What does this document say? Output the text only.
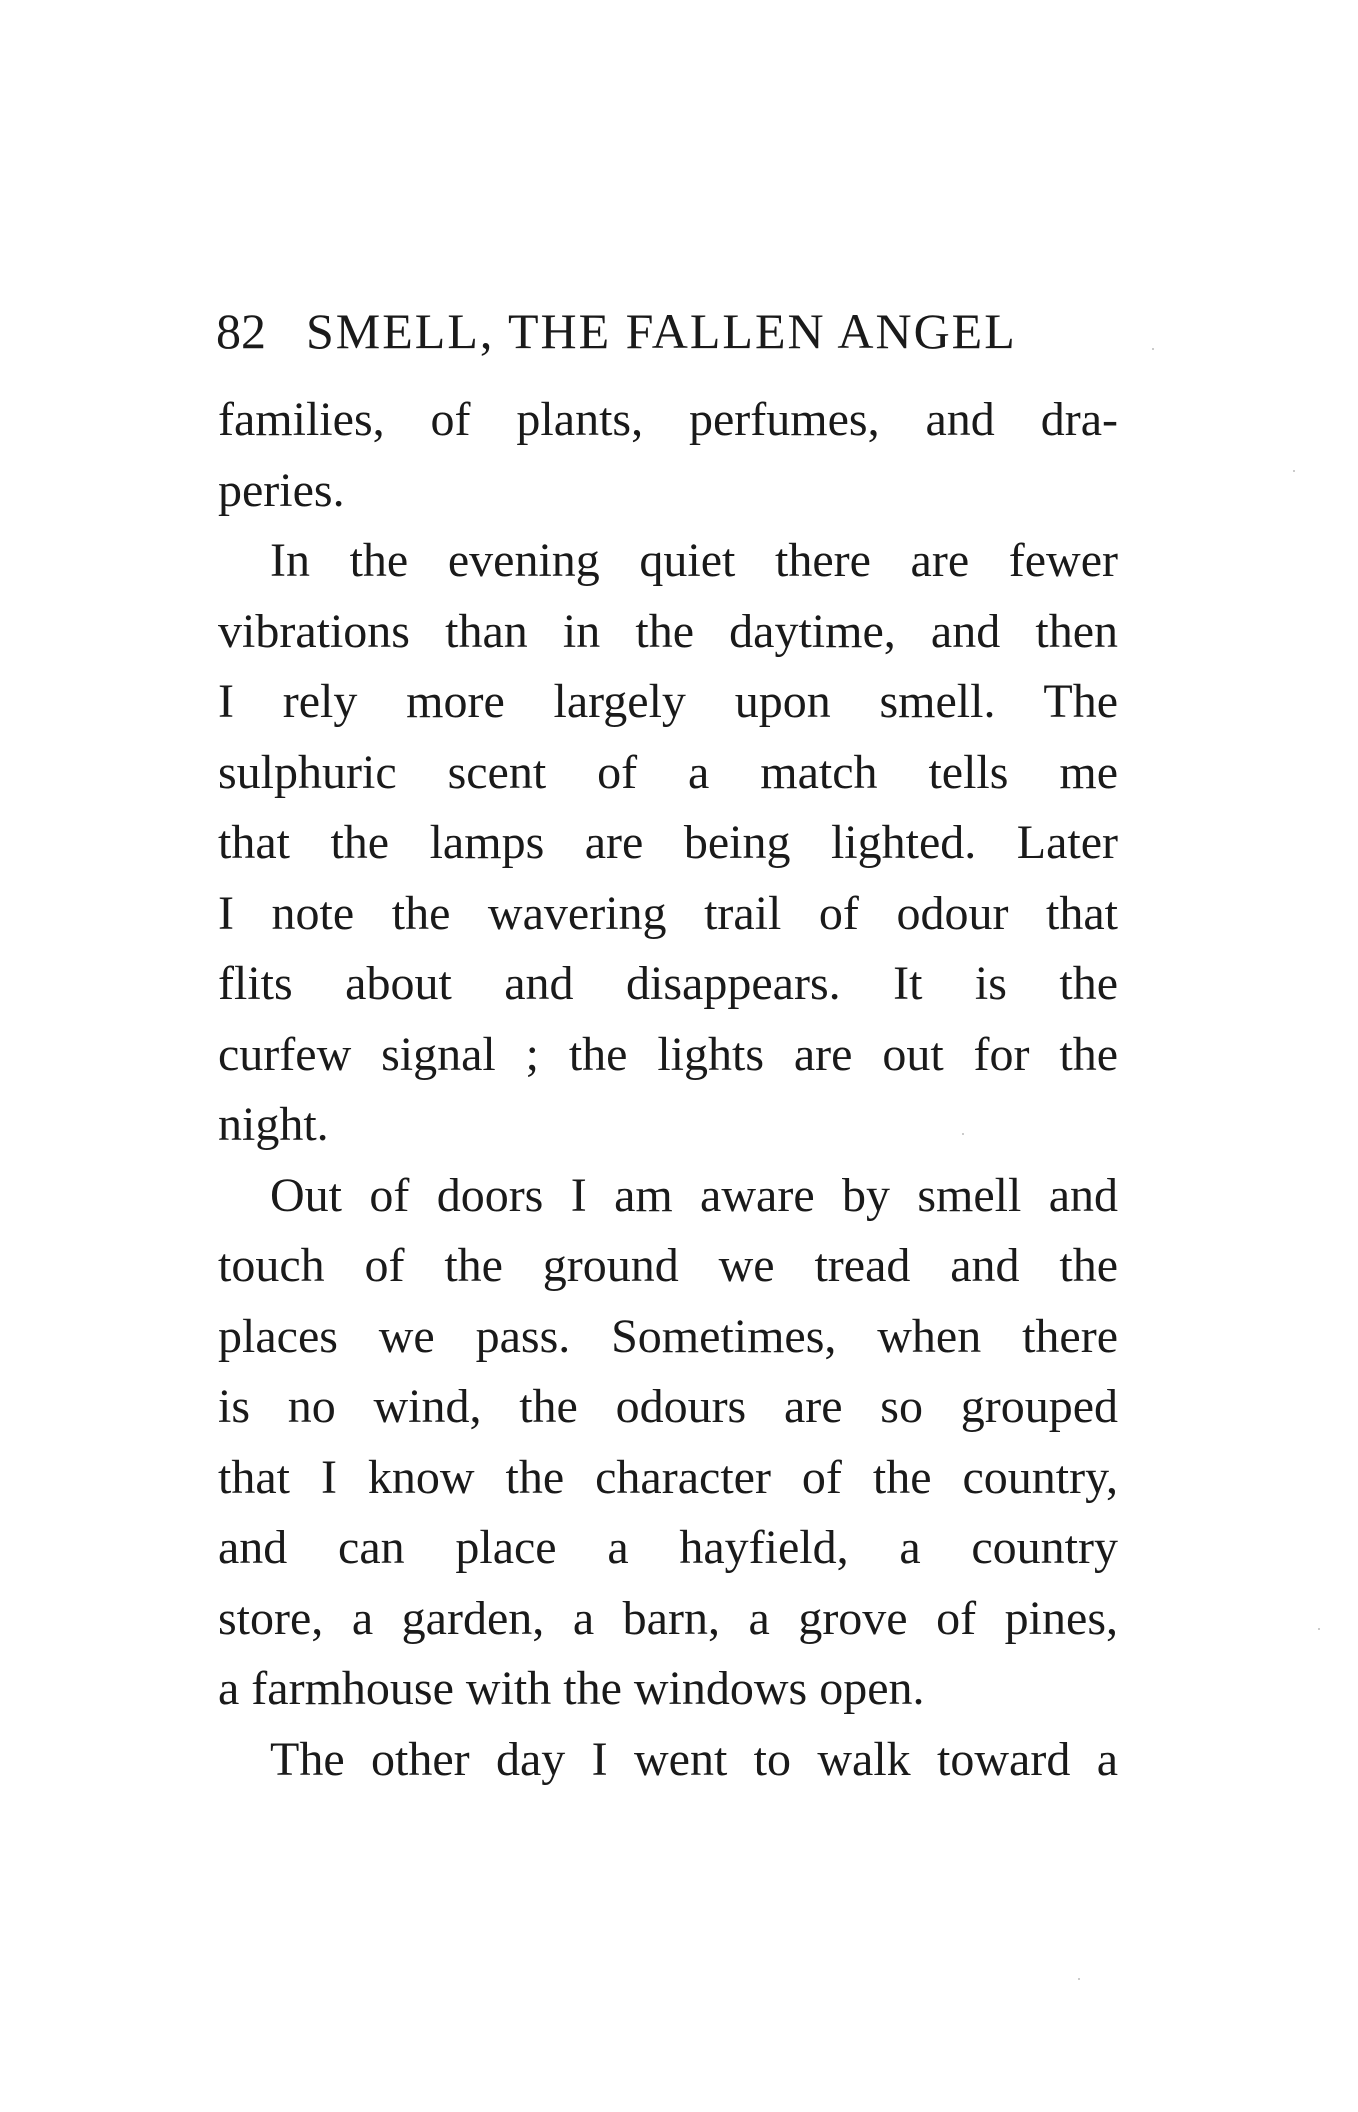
82 SMELL, THE FALLEN ANGEL
families, of plants, perfumes, and dra-
peries.
In the evening quiet there are fewer
vibrations than in the daytime, and then
I rely more largely upon smell. The
sulphuric scent of a match tells me
that the lamps are being lighted. Later
I note the wavering trail of odour that
flits about and disappears. It is the
curfew signal ; the lights are out for the
night.
Out of doors I am aware by smell and
touch of the ground we tread and the
places we pass. Sometimes, when there
is no wind, the odours are so grouped
that I know the character of the country,
and can place a hayfield, a country
store, a garden, a barn, a grove of pines,
a farmhouse with the windows open.
The other day I went to walk toward a
